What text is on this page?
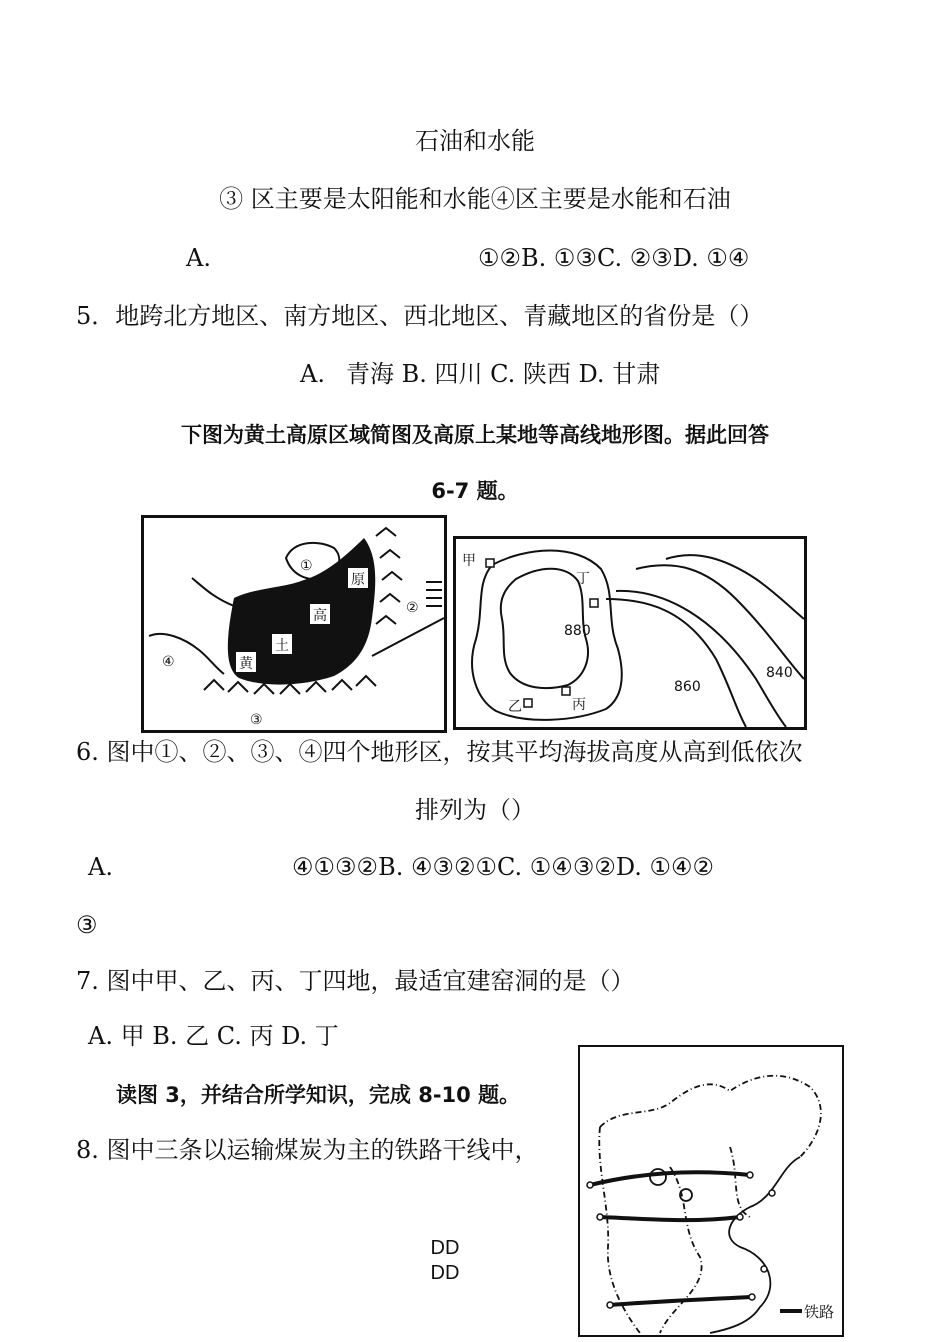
石油和水能
③ 区主要是太阳能和水能④区主要是水能和石油
A.	①②B. ①③C. ②③D. ①④
5．地跨北方地区、南方地区、西北地区、青藏地区的省份是（）
A. 青海 B. 四川 C. 陕西 D. 甘肃
下图为黄土高原区域简图及高原上某地等高线地形图。据此回答
6-7 题。
①
②
③
④	黄
土
高
原
甲
乙	丙
丁
880
860
840
6. 图中①、②、③、④四个地形区，按其平均海拔高度从高到低依次
排列为（）
A.	④①③②B. ④③②①C. ①④③②D. ①④②
③
7. 图中甲、乙、丙、丁四地，最适宜建窑洞的是（）
A. 甲 B. 乙 C. 丙 D. 丁
读图 3，并结合所学知识，完成 8-10 题。
8. 图中三条以运输煤炭为主的铁路干线中，
铁路
DD
DD
